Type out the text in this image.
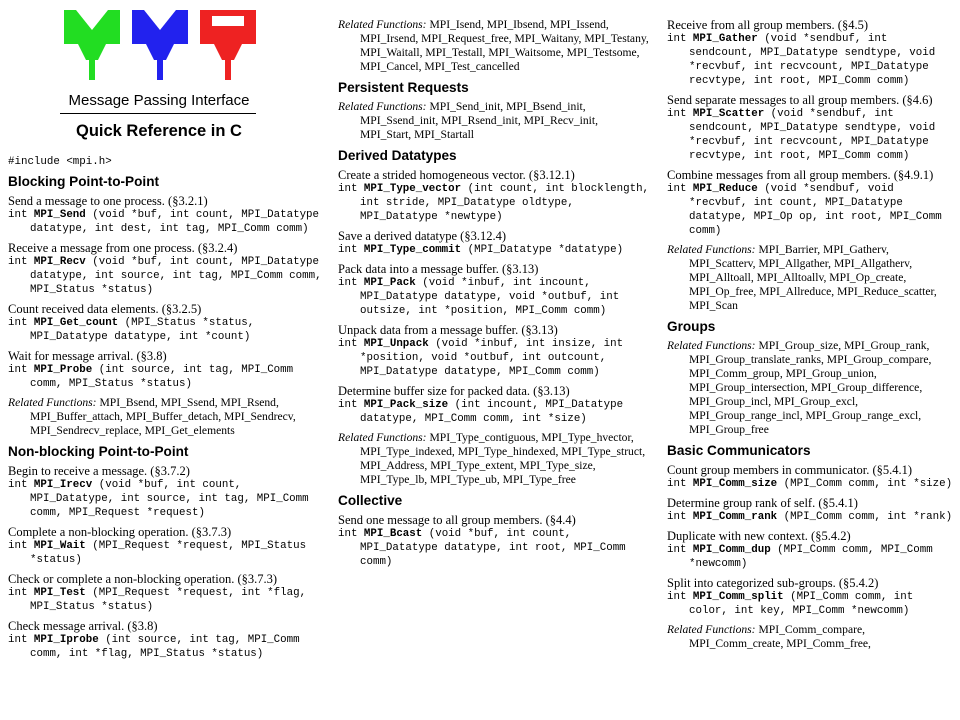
Message Passing Interface
Quick Reference in C
#include <mpi.h>
Blocking Point-to-Point
Send a message to one process. (§3.2.1)
int MPI_Send (void *buf, int count, MPI_Datatype datatype, int dest, int tag, MPI_Comm comm)
Receive a message from one process. (§3.2.4)
int MPI_Recv (void *buf, int count, MPI_Datatype datatype, int source, int tag, MPI_Comm comm, MPI_Status *status)
Count received data elements. (§3.2.5)
int MPI_Get_count (MPI_Status *status, MPI_Datatype datatype, int *count)
Wait for message arrival. (§3.8)
int MPI_Probe (int source, int tag, MPI_Comm comm, MPI_Status *status)
Related Functions: MPI_Bsend, MPI_Ssend, MPI_Rsend, MPI_Buffer_attach, MPI_Buffer_detach, MPI_Sendrecv, MPI_Sendrecv_replace, MPI_Get_elements
Non-blocking Point-to-Point
Begin to receive a message. (§3.7.2)
int MPI_Irecv (void *buf, int count, MPI_Datatype, int source, int tag, MPI_Comm comm, MPI_Request *request)
Complete a non-blocking operation. (§3.7.3)
int MPI_Wait (MPI_Request *request, MPI_Status *status)
Check or complete a non-blocking operation. (§3.7.3)
int MPI_Test (MPI_Request *request, int *flag, MPI_Status *status)
Check message arrival. (§3.8)
int MPI_Iprobe (int source, int tag, MPI_Comm comm, int *flag, MPI_Status *status)
Related Functions: MPI_Isend, MPI_Ibsend, MPI_Issend, MPI_Irsend, MPI_Request_free, MPI_Waitany, MPI_Testany, MPI_Waitall, MPI_Testall, MPI_Waitsome, MPI_Testsome, MPI_Cancel, MPI_Test_cancelled
Persistent Requests
Related Functions: MPI_Send_init, MPI_Bsend_init, MPI_Ssend_init, MPI_Rsend_init, MPI_Recv_init, MPI_Start, MPI_Startall
Derived Datatypes
Create a strided homogeneous vector. (§3.12.1)
int MPI_Type_vector (int count, int blocklength, int stride, MPI_Datatype oldtype, MPI_Datatype *newtype)
Save a derived datatype (§3.12.4)
int MPI_Type_commit (MPI_Datatype *datatype)
Pack data into a message buffer. (§3.13)
int MPI_Pack (void *inbuf, int incount, MPI_Datatype datatype, void *outbuf, int outsize, int *position, MPI_Comm comm)
Unpack data from a message buffer. (§3.13)
int MPI_Unpack (void *inbuf, int insize, int *position, void *outbuf, int outcount, MPI_Datatype datatype, MPI_Comm comm)
Determine buffer size for packed data. (§3.13)
int MPI_Pack_size (int incount, MPI_Datatype datatype, MPI_Comm comm, int *size)
Related Functions: MPI_Type_contiguous, MPI_Type_hvector, MPI_Type_indexed, MPI_Type_hindexed, MPI_Type_struct, MPI_Address, MPI_Type_extent, MPI_Type_size, MPI_Type_lb, MPI_Type_ub, MPI_Type_free
Collective
Send one message to all group members. (§4.4)
int MPI_Bcast (void *buf, int count, MPI_Datatype datatype, int root, MPI_Comm comm)
Receive from all group members. (§4.5)
int MPI_Gather (void *sendbuf, int sendcount, MPI_Datatype sendtype, void *recvbuf, int recvcount, MPI_Datatype recvtype, int root, MPI_Comm comm)
Send separate messages to all group members. (§4.6)
int MPI_Scatter (void *sendbuf, int sendcount, MPI_Datatype sendtype, void *recvbuf, int recvcount, MPI_Datatype recvtype, int root, MPI_Comm comm)
Combine messages from all group members. (§4.9.1)
int MPI_Reduce (void *sendbuf, void *recvbuf, int count, MPI_Datatype datatype, MPI_Op op, int root, MPI_Comm comm)
Related Functions: MPI_Barrier, MPI_Gatherv, MPI_Scatterv, MPI_Allgather, MPI_Allgatherv, MPI_Alltoall, MPI_Alltoallv, MPI_Op_create, MPI_Op_free, MPI_Allreduce, MPI_Reduce_scatter, MPI_Scan
Groups
Related Functions: MPI_Group_size, MPI_Group_rank, MPI_Group_translate_ranks, MPI_Group_compare, MPI_Comm_group, MPI_Group_union, MPI_Group_intersection, MPI_Group_difference, MPI_Group_incl, MPI_Group_excl, MPI_Group_range_incl, MPI_Group_range_excl, MPI_Group_free
Basic Communicators
Count group members in communicator. (§5.4.1)
int MPI_Comm_size (MPI_Comm comm, int *size)
Determine group rank of self. (§5.4.1)
int MPI_Comm_rank (MPI_Comm comm, int *rank)
Duplicate with new context. (§5.4.2)
int MPI_Comm_dup (MPI_Comm comm, MPI_Comm *newcomm)
Split into categorized sub-groups. (§5.4.2)
int MPI_Comm_split (MPI_Comm comm, int color, int key, MPI_Comm *newcomm)
Related Functions: MPI_Comm_compare, MPI_Comm_create, MPI_Comm_free,
